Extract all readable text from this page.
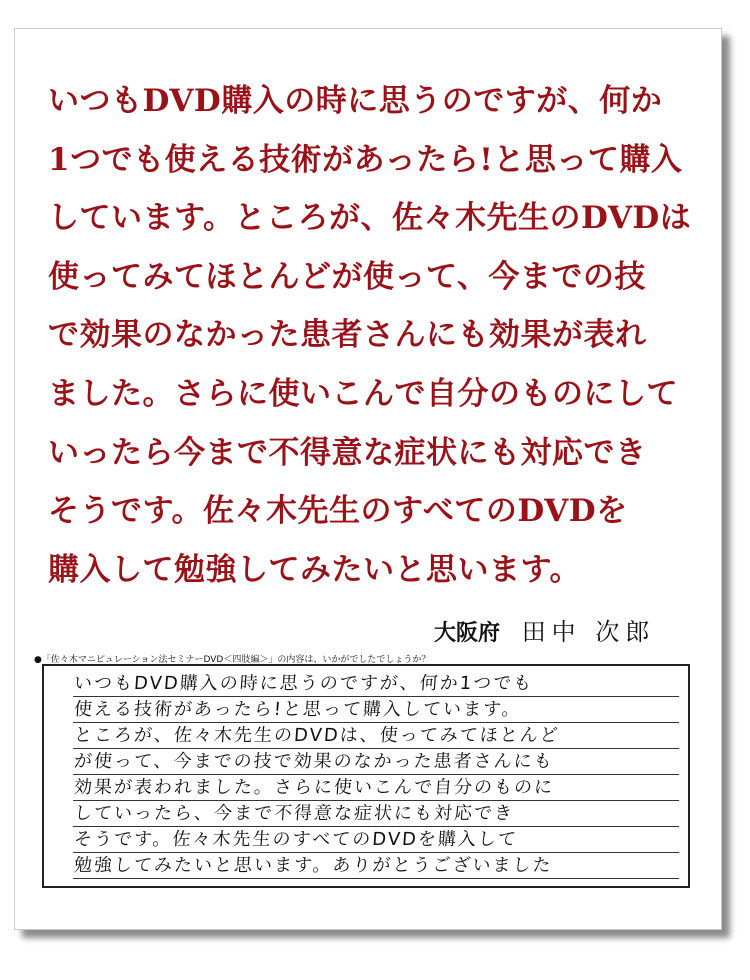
いつもDVD購入の時に思うのですが、何か
1つでも使える技術があったら!と思って購入
しています。ところが、佐々木先生のDVDは
使ってみてほとんどが使って、今までの技
で効果のなかった患者さんにも効果が表れ
ました。さらに使いこんで自分のものにして
いったら今まで不得意な症状にも対応でき
そうです。佐々木先生のすべてのDVDを
購入して勉強してみたいと思います。

大阪府 田中 次郎
●「佐々木マニピュレーション法セミナーDVD＜四肢編＞」の内容は、いかがでしたでしょうか？
いつもDVD購入の時に思うのですが、何か1つでも
使える技術があったら!と思って購入しています。
ところが、佐々木先生のDVDは、使ってみてほとんど
が使って、今までの技で効果のなかった患者さんにも
効果が表われました。さらに使いこんで自分のものに
していったら、今まで不得意な症状にも対応でき
そうです。佐々木先生のすべてのDVDを購入して
勉強してみたいと思います。ありがとうございました
